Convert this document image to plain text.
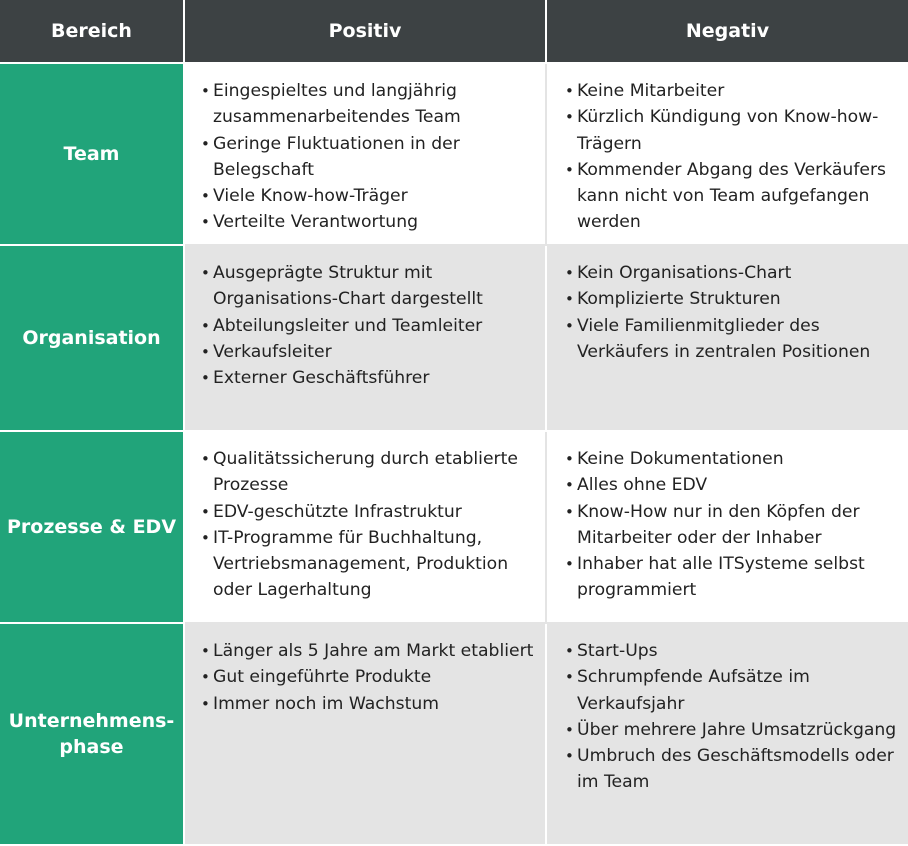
Bereich	Positiv	Negativ
Team
• Eingespieltes und langjährig zusammenarbeitendes Team
• Geringe Fluktuationen in der Belegschaft
• Viele Know-how-Träger
• Verteilte Verantwortung
• Keine Mitarbeiter
• Kürzlich Kündigung von Know-how-Trägern
• Kommender Abgang des Verkäufers kann nicht von Team aufgefangen werden
Organisation
• Ausgeprägte Struktur mit Organisations-Chart dargestellt
• Abteilungsleiter und Teamleiter
• Verkaufsleiter
• Externer Geschäftsführer
• Kein Organisations-Chart
• Komplizierte Strukturen
• Viele Familienmitglieder des Verkäufers in zentralen Positionen
Prozesse & EDV
• Qualitätssicherung durch etablierte Prozesse
• EDV-geschützte Infrastruktur
• IT-Programme für Buchhaltung, Vertriebsmanagement, Produktion oder Lagerhaltung
• Keine Dokumentationen
• Alles ohne EDV
• Know-How nur in den Köpfen der Mitarbeiter oder der Inhaber
• Inhaber hat alle ITSysteme selbst programmiert
Unternehmens-
phase
• Länger als 5 Jahre am Markt etabliert
• Gut eingeführte Produkte
• Immer noch im Wachstum
• Start-Ups
• Schrumpfende Aufsätze im Verkaufsjahr
• Über mehrere Jahre Umsatzrückgang
• Umbruch des Geschäftsmodells oder im Team
